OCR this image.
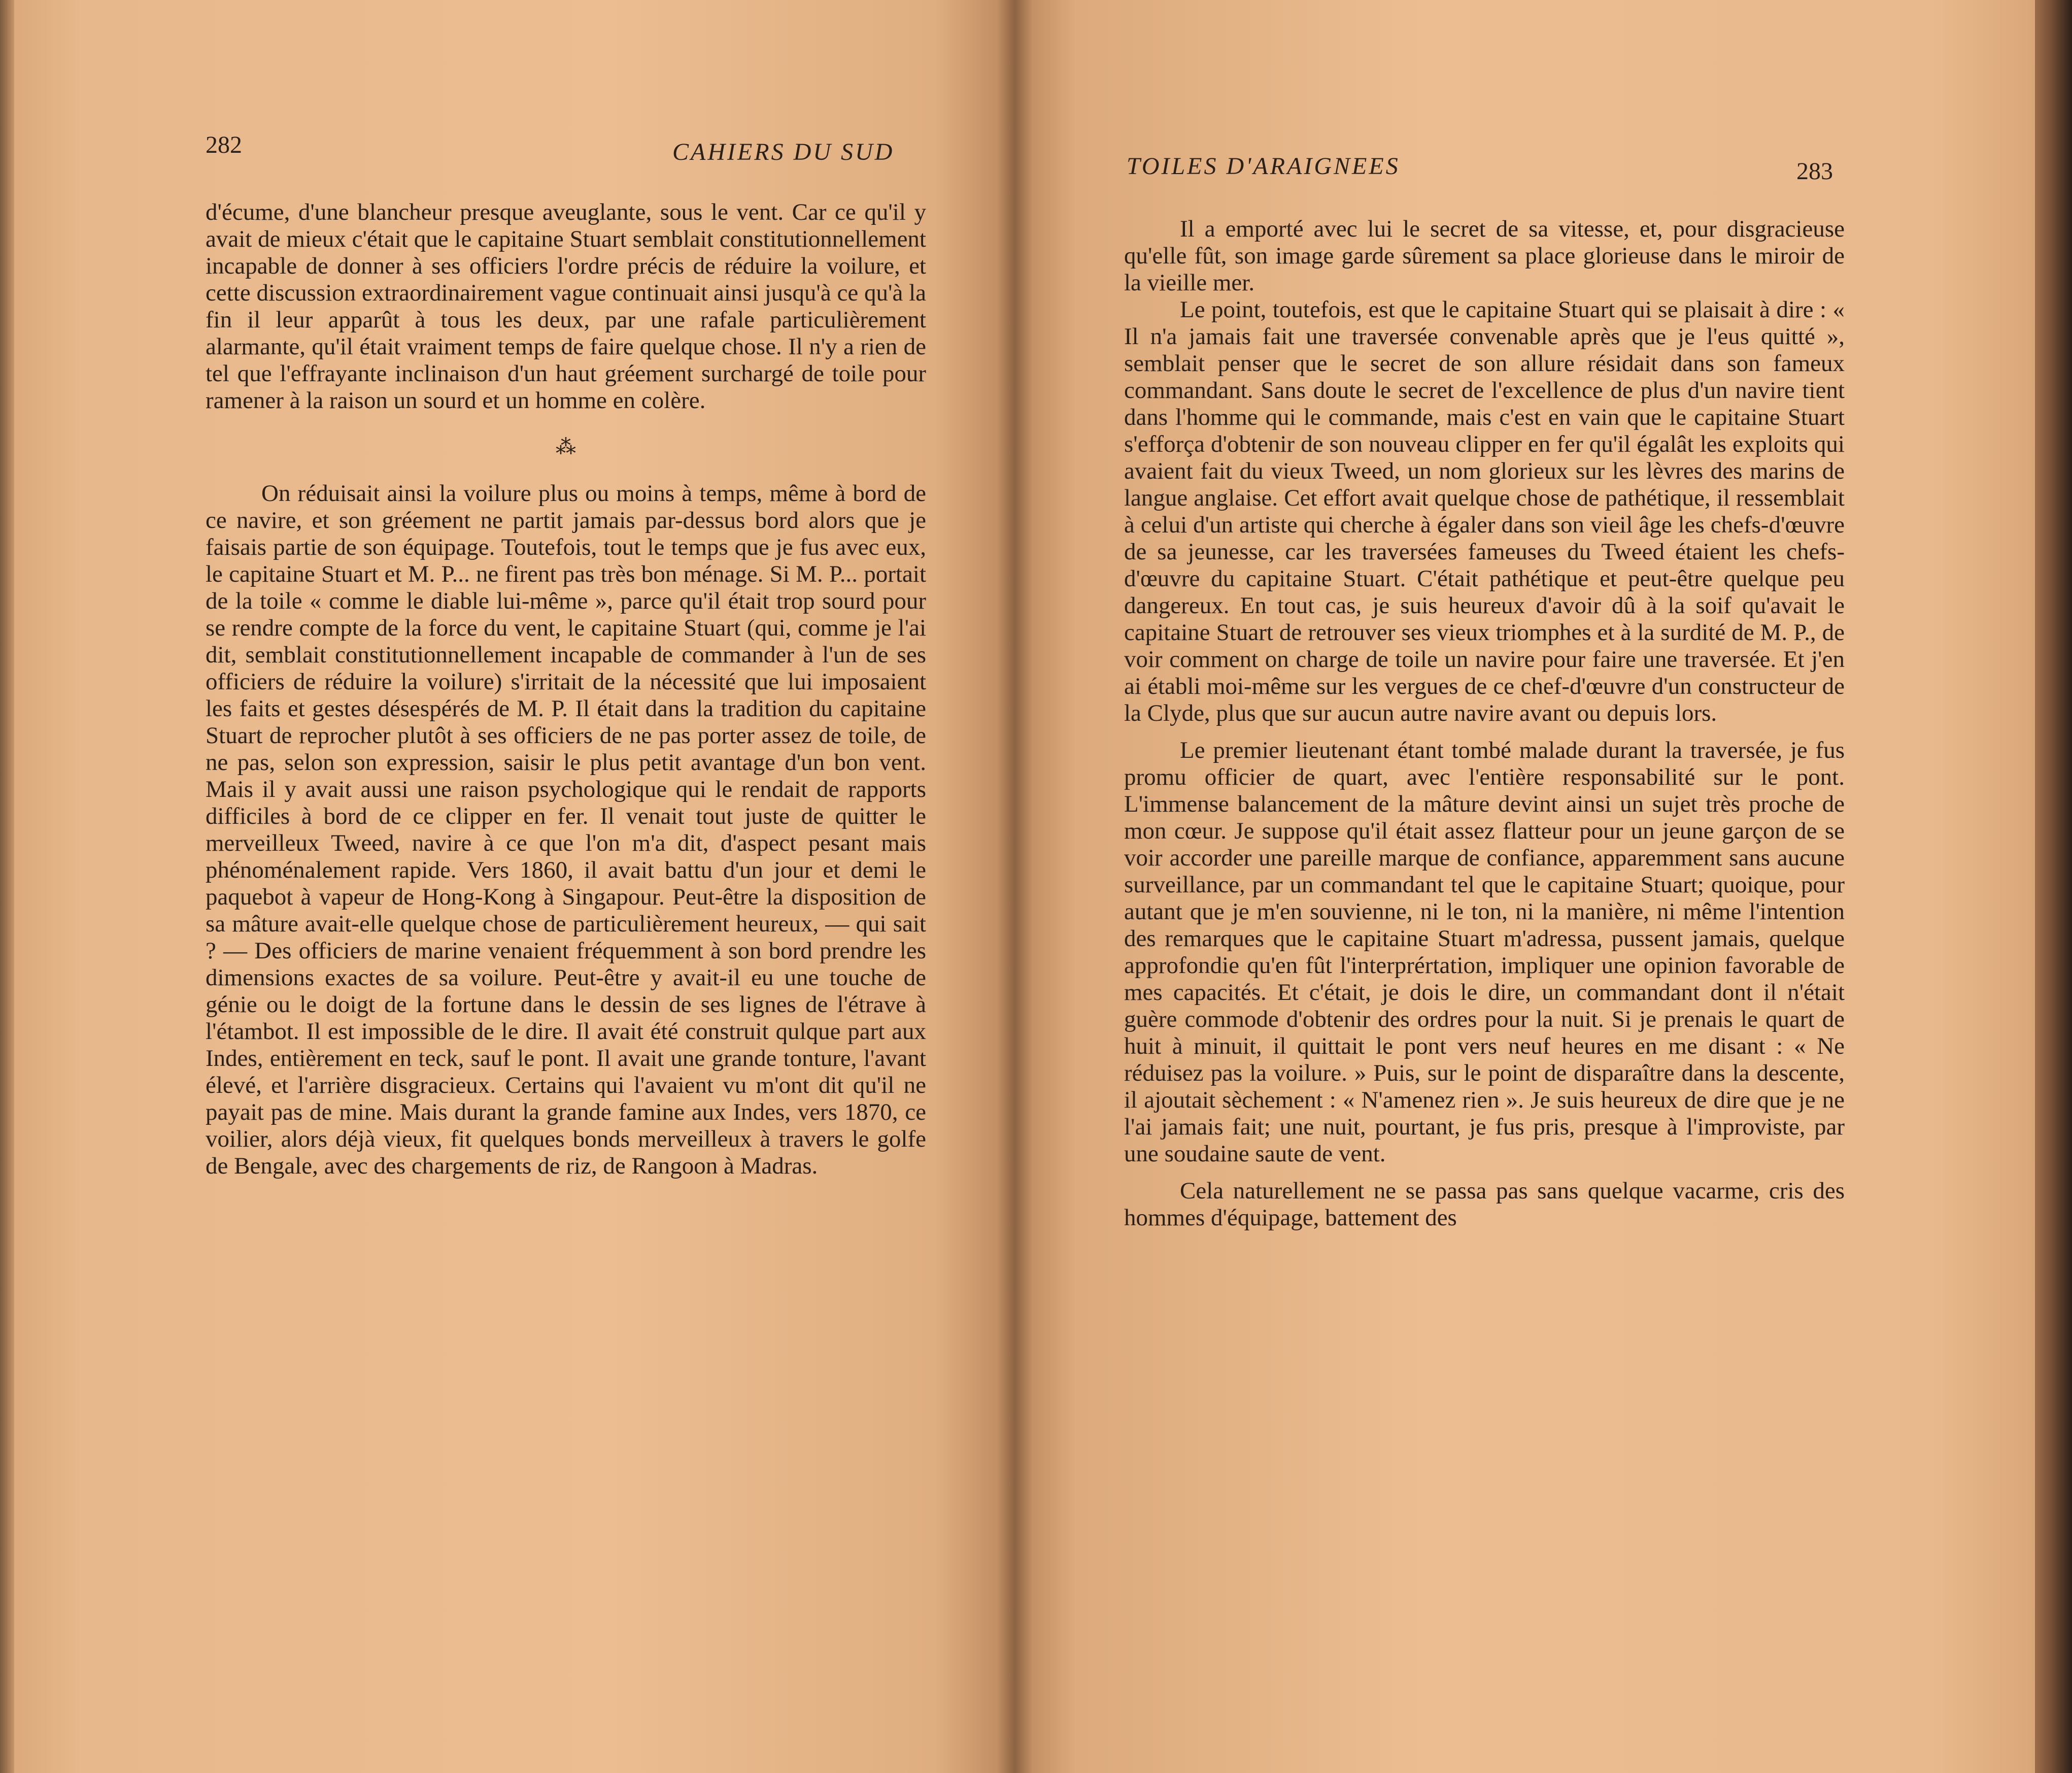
282	CAHIERS DU SUD

d'écume, d'une blancheur presque aveuglante, sous le vent. Car ce qu'il y avait de mieux c'était que le capitaine Stuart semblait constitutionnellement incapable de donner à ses officiers l'ordre précis de réduire la voilure, et cette discussion extraordinairement vague continuait ainsi jusqu'à ce qu'à la fin il leur apparût à tous les deux, par une rafale particulièrement alarmante, qu'il était vraiment temps de faire quelque chose. Il n'y a rien de tel que l'effrayante inclinaison d'un haut gréement surchargé de toile pour ramener à la raison un sourd et un homme en colère.

⁂

On réduisait ainsi la voilure plus ou moins à temps, même à bord de ce navire, et son gréement ne partit jamais par-dessus bord alors que je faisais partie de son équipage. Toutefois, tout le temps que je fus avec eux, le capitaine Stuart et M. P... ne firent pas très bon ménage. Si M. P... portait de la toile « comme le diable lui-même », parce qu'il était trop sourd pour se rendre compte de la force du vent, le capitaine Stuart (qui, comme je l'ai dit, semblait constitutionnellement incapable de commander à l'un de ses officiers de réduire la voilure) s'irritait de la nécessité que lui imposaient les faits et gestes désespérés de M. P. Il était dans la tradition du capitaine Stuart de reprocher plutôt à ses officiers de ne pas porter assez de toile, de ne pas, selon son expression, saisir le plus petit avantage d'un bon vent. Mais il y avait aussi une raison psychologique qui le rendait de rapports difficiles à bord de ce clipper en fer. Il venait tout juste de quitter le merveilleux Tweed, navire à ce que l'on m'a dit, d'aspect pesant mais phénoménalement rapide. Vers 1860, il avait battu d'un jour et demi le paquebot à vapeur de Hong-Kong à Singapour. Peut-être la disposition de sa mâture avait-elle quelque chose de particulièrement heureux, — qui sait ? — Des officiers de marine venaient fréquemment à son bord prendre les dimensions exactes de sa voilure. Peut-être y avait-il eu une touche de génie ou le doigt de la fortune dans le dessin de ses lignes de l'étrave à l'étambot. Il est impossible de le dire. Il avait été construit qulque part aux Indes, entièrement en teck, sauf le pont. Il avait une grande tonture, l'avant élevé, et l'arrière disgracieux. Certains qui l'avaient vu m'ont dit qu'il ne payait pas de mine. Mais durant la grande famine aux Indes, vers 1870, ce voilier, alors déjà vieux, fit quelques bonds merveilleux à travers le golfe de Bengale, avec des chargements de riz, de Rangoon à Madras.

TOILES D'ARAIGNEES	283

Il a emporté avec lui le secret de sa vitesse, et, pour disgracieuse qu'elle fût, son image garde sûrement sa place glorieuse dans le miroir de la vieille mer.

Le point, toutefois, est que le capitaine Stuart qui se plaisait à dire : « Il n'a jamais fait une traversée convenable après que je l'eus quitté », semblait penser que le secret de son allure résidait dans son fameux commandant. Sans doute le secret de l'excellence de plus d'un navire tient dans l'homme qui le commande, mais c'est en vain que le capitaine Stuart s'efforça d'obtenir de son nouveau clipper en fer qu'il égalât les exploits qui avaient fait du vieux Tweed, un nom glorieux sur les lèvres des marins de langue anglaise. Cet effort avait quelque chose de pathétique, il ressemblait à celui d'un artiste qui cherche à égaler dans son vieil âge les chefs-d'œuvre de sa jeunesse, car les traversées fameuses du Tweed étaient les chefs-d'œuvre du capitaine Stuart. C'était pathétique et peut-être quelque peu dangereux. En tout cas, je suis heureux d'avoir dû à la soif qu'avait le capitaine Stuart de retrouver ses vieux triomphes et à la surdité de M. P., de voir comment on charge de toile un navire pour faire une traversée. Et j'en ai établi moi-même sur les vergues de ce chef-d'œuvre d'un constructeur de la Clyde, plus que sur aucun autre navire avant ou depuis lors.

Le premier lieutenant étant tombé malade durant la traversée, je fus promu officier de quart, avec l'entière responsabilité sur le pont. L'immense balancement de la mâture devint ainsi un sujet très proche de mon cœur. Je suppose qu'il était assez flatteur pour un jeune garçon de se voir accorder une pareille marque de confiance, apparemment sans aucune surveillance, par un commandant tel que le capitaine Stuart; quoique, pour autant que je m'en souvienne, ni le ton, ni la manière, ni même l'intention des remarques que le capitaine Stuart m'adressa, pussent jamais, quelque approfondie qu'en fût l'interprértation, impliquer une opinion favorable de mes capacités. Et c'était, je dois le dire, un commandant dont il n'était guère commode d'obtenir des ordres pour la nuit. Si je prenais le quart de huit à minuit, il quittait le pont vers neuf heures en me disant : « Ne réduisez pas la voilure. » Puis, sur le point de disparaître dans la descente, il ajoutait sèchement : « N'amenez rien ». Je suis heureux de dire que je ne l'ai jamais fait; une nuit, pourtant, je fus pris, presque à l'improviste, par une soudaine saute de vent.

Cela naturellement ne se passa pas sans quelque vacarme, cris des hommes d'équipage, battement des
